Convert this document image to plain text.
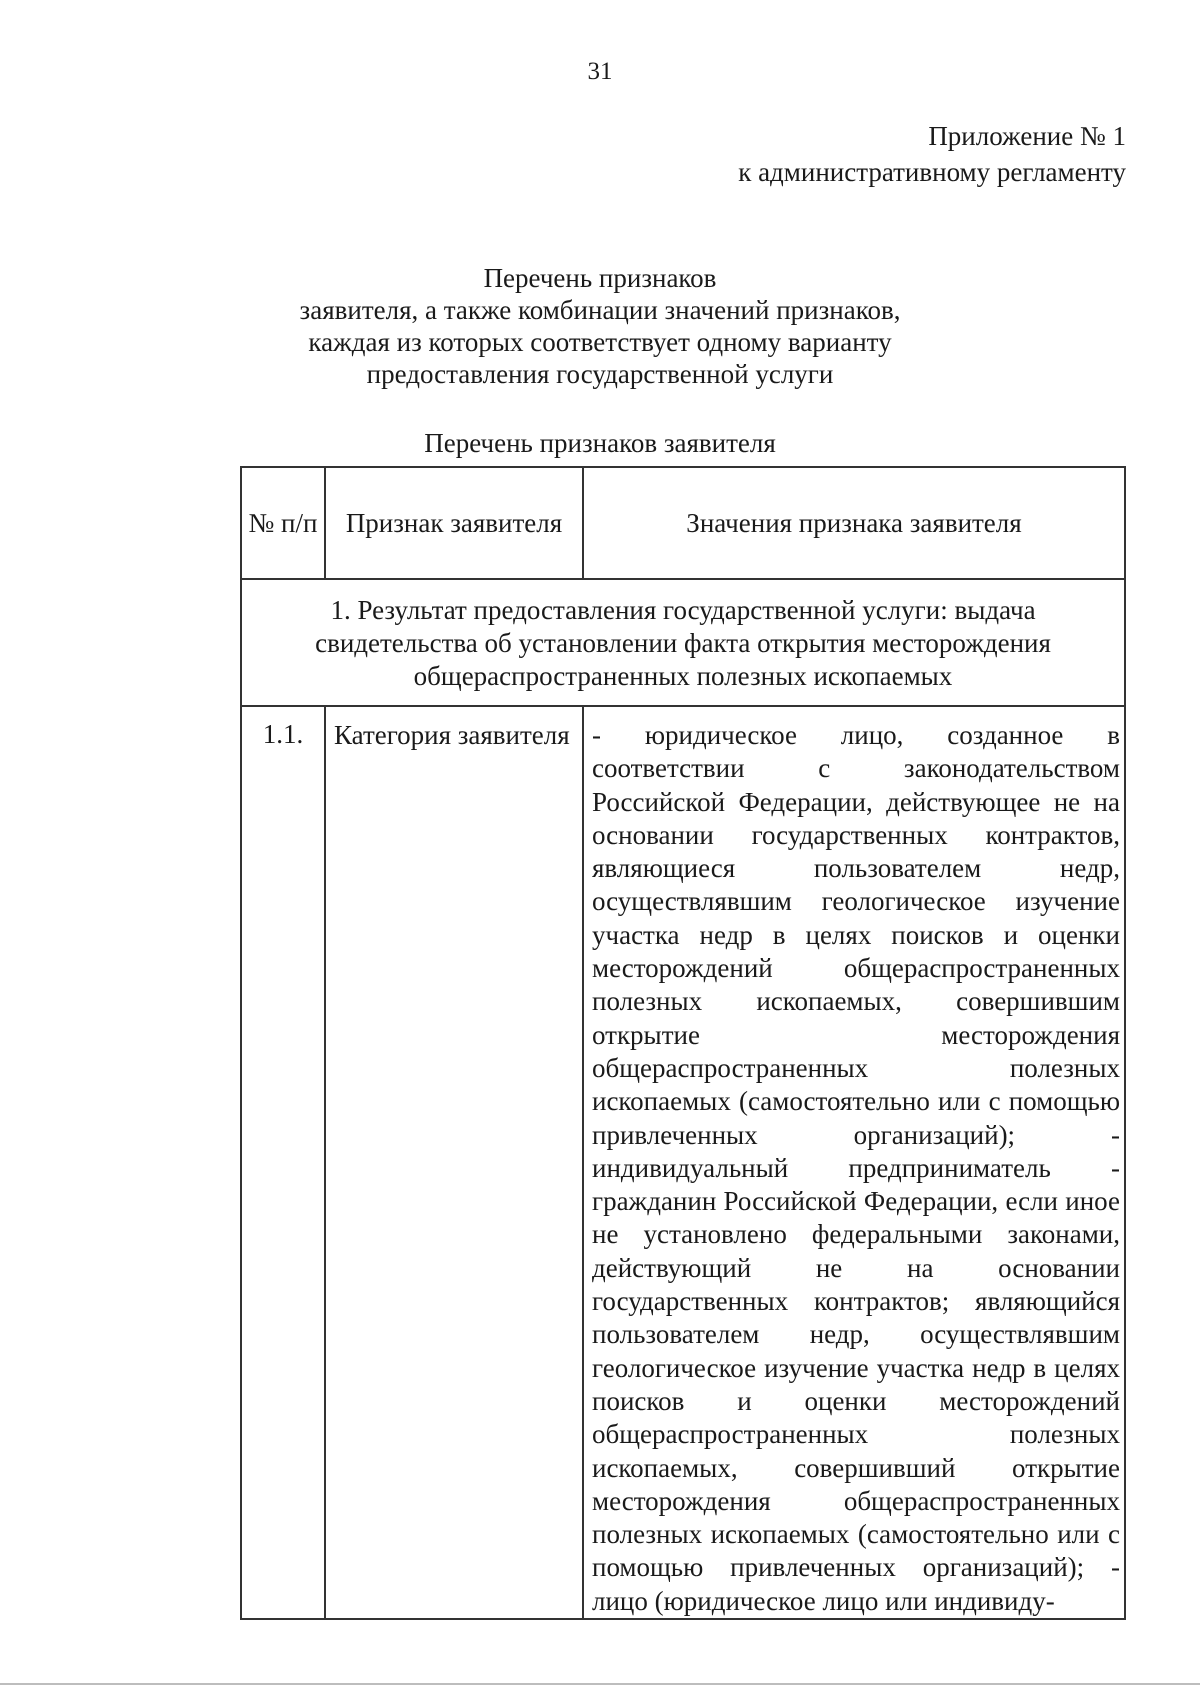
31
Приложение № 1
к административному регламенту
Перечень признаков
заявителя, а также комбинации значений признаков,
каждая из которых соответствует одному варианту
предоставления государственной услуги
Перечень признаков заявителя
№ п/п	Признак заявителя	Значения признака заявителя
1. Результат предоставления государственной услуги: выдача свидетельства об установлении факта открытия месторождения общераспространенных полезных ископаемых		
1.1.	Категория заявителя	- юридическое лицо, созданное в соответствии с законодательством Российской Федерации, действующее не на основании государственных контрактов, являющиеся пользователем недр, осуществлявшим геологическое изучение участка недр в целях поисков и оценки месторождений общераспространенных полезных ископаемых, совершившим открытие месторождения общераспространенных полезных ископаемых (самостоятельно или с помощью привлеченных организаций); - индивидуальный предприниматель - гражданин Российской Федерации, если иное не установлено федеральными законами, действующий не на основании государственных контрактов; являющийся пользователем недр, осуществлявшим геологическое изучение участка недр в целях поисков и оценки месторождений общераспространенных полезных ископаемых, совершивший открытие месторождения общераспространенных полезных ископаемых (самостоятельно или с помощью привлеченных организаций); - лицо (юридическое лицо или индивиду-
